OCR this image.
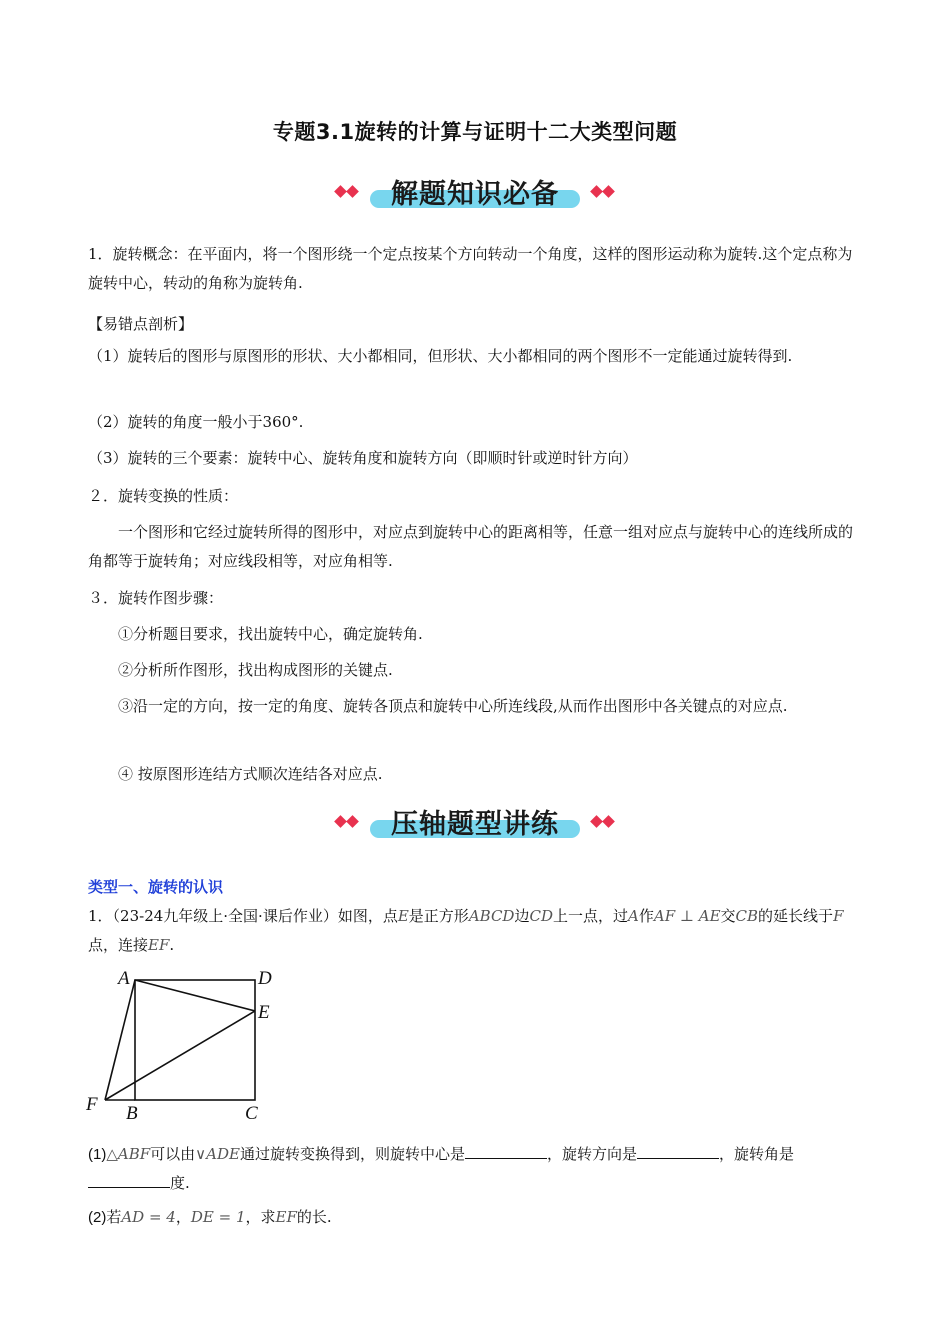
专题3.1旋转的计算与证明十二大类型问题
解题知识必备
1．旋转概念：在平面内，将一个图形绕一个定点按某个方向转动一个角度，这样的图形运动称为旋转.这个定点称为旋转中心，转动的角称为旋转角.
【易错点剖析】
（1）旋转后的图形与原图形的形状、大小都相同，但形状、大小都相同的两个图形不一定能通过旋转得到.
（2）旋转的角度一般小于360°.
（3）旋转的三个要素：旋转中心、旋转角度和旋转方向（即顺时针或逆时针方向）
２．旋转变换的性质：
一个图形和它经过旋转所得的图形中，对应点到旋转中心的距离相等，任意一组对应点与旋转中心的连线所成的角都等于旋转角；对应线段相等，对应角相等.
３．旋转作图步骤：
①分析题目要求，找出旋转中心，确定旋转角.
②分析所作图形，找出构成图形的关键点.
③沿一定的方向，按一定的角度、旋转各顶点和旋转中心所连线段,从而作出图形中各关键点的对应点.
④ 按原图形连结方式顺次连结各对应点.
压轴题型讲练
类型一、旋转的认识
1．（23-24九年级上·全国·课后作业）如图，点E是正方形ABCD边CD上一点，过A作AF ⊥ AE交CB的延长线于F点，连接EF.
A	D
E
F B	C
(1)△ABF可以由∨ADE通过旋转变换得到，则旋转中心是	，旋转方向是	，旋转角是
度.
(2)若AD = 4，DE = 1，求EF的长.
